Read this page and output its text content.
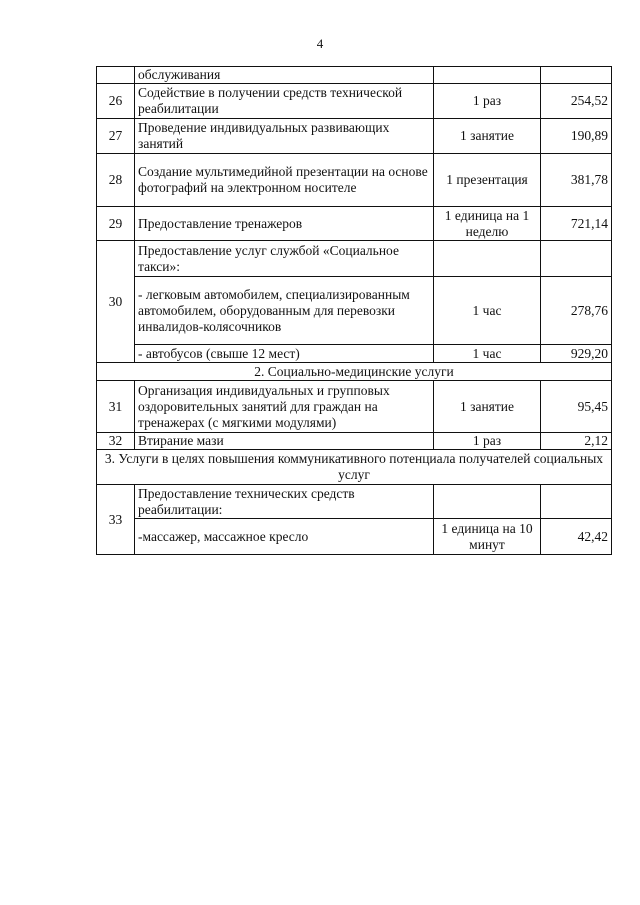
4
	обслуживания		
26	Содействие в получении средств технической реабилитации	1 раз	254,52
27	Проведение индивидуальных развивающих занятий	1 занятие	190,89
28	Создание мультимедийной презентации на основе фотографий на электронном носителе	1 презентация	381,78
29	Предоставление тренажеров	1 единица на 1 неделю	721,14
30	Предоставление услуг службой «Социальное такси»:		
	- легковым автомобилем, специализированным автомобилем, оборудованным для перевозки инвалидов-колясочников	1 час	278,76
	- автобусов (свыше 12 мест)	1 час	929,20
2. Социально-медицинские услуги			
31	Организация индивидуальных и групповых оздоровительных занятий для граждан на тренажерах (с мягкими модулями)	1 занятие	95,45
32	Втирание мази	1 раз	2,12
3. Услуги в целях повышения коммуникативного потенциала получателей социальных услуг			
33	Предоставление технических средств реабилитации:		
	-массажер, массажное кресло	1 единица на 10 минут	42,42
